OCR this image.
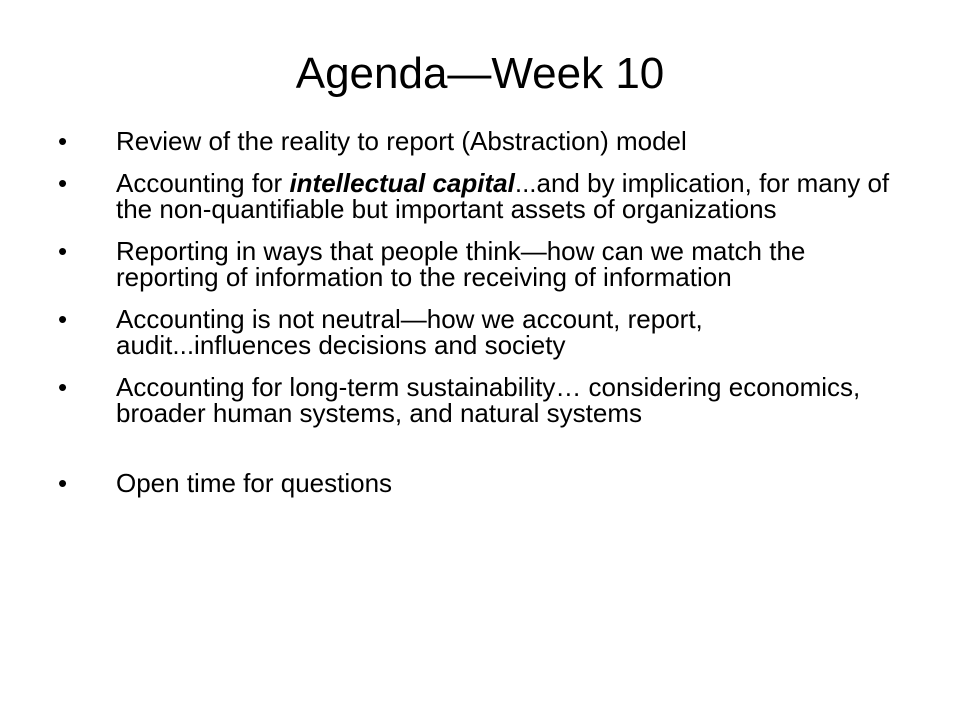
Agenda—Week 10
• Review of the reality to report (Abstraction) model
• Accounting for intellectual capital...and by implication, for many of the non-quantifiable but important assets of organizations
• Reporting in ways that people think—how can we match the reporting of information to the receiving of information
• Accounting is not neutral—how we account, report, audit...influences decisions and society
• Accounting for long-term sustainability… considering economics, broader human systems, and natural systems
• Open time for questions
